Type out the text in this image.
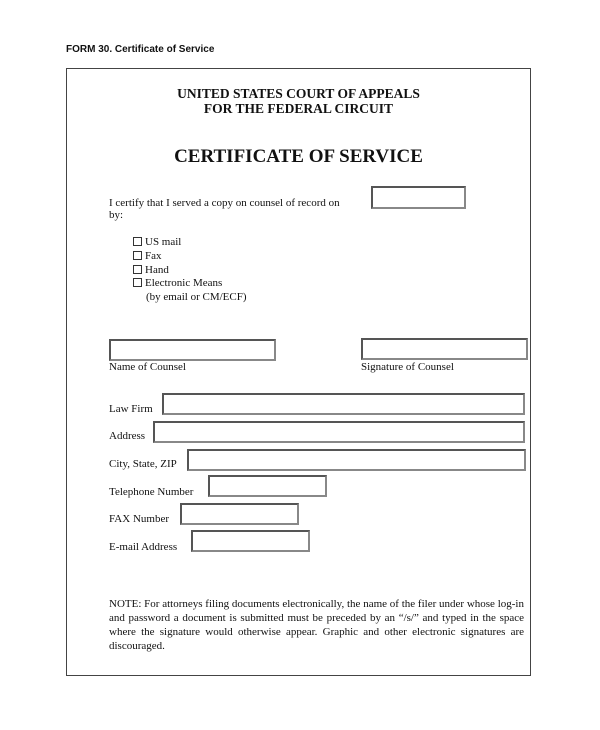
FORM 30. Certificate of Service
UNITED STATES COURT OF APPEALS
FOR THE FEDERAL CIRCUIT
CERTIFICATE OF SERVICE
I certify that I served a copy on counsel of record on
by:
US mail
Fax
Hand
Electronic Means
(by email or CM/ECF)
Name of Counsel	Signature of Counsel
Law Firm
Address
City, State, ZIP
Telephone Number
FAX Number
E-mail Address
NOTE: For attorneys filing documents electronically, the name of the filer under whose log-in and password a document is submitted must be preceded by an “/s/” and typed in the space where the signature would otherwise appear. Graphic and other electronic signatures are discouraged.
